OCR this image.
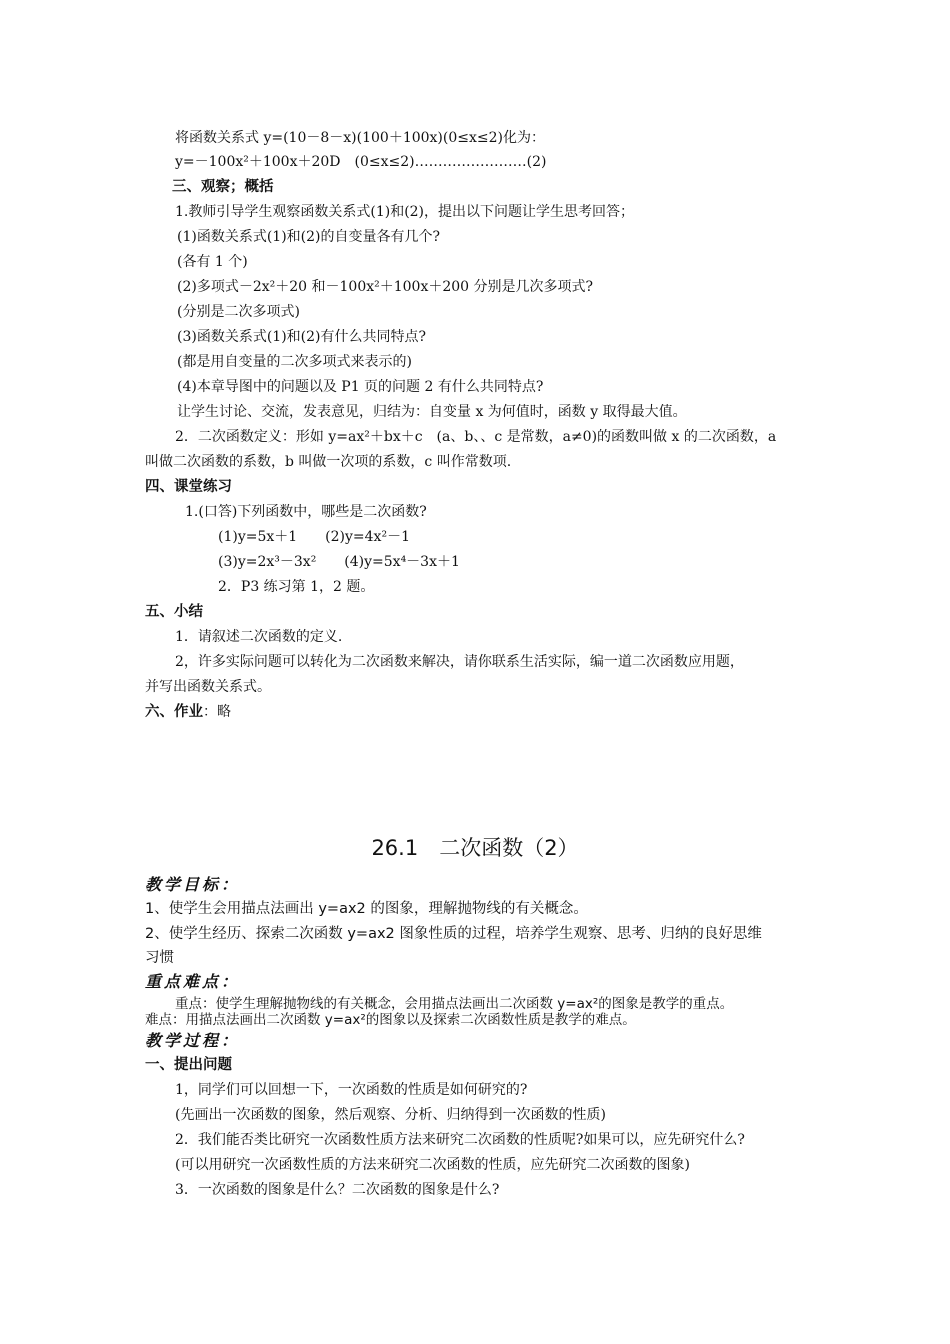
将函数关系式 y=(10－8－x)(100＋100x)(0≤x≤2)化为：
y=－100x²＋100x＋20D　(0≤x≤2)……………………(2)
三、观察；概括
1.教师引导学生观察函数关系式(1)和(2)，提出以下问题让学生思考回答；
(1)函数关系式(1)和(2)的自变量各有几个?
(各有 1 个)
(2)多项式－2x²＋20 和－100x²＋100x＋200 分别是几次多项式?
(分别是二次多项式)
(3)函数关系式(1)和(2)有什么共同特点?
(都是用自变量的二次多项式来表示的)
(4)本章导图中的问题以及 P1 页的问题 2 有什么共同特点?
让学生讨论、交流，发表意见，归结为：自变量 x 为何值时，函数 y 取得最大值。
2．二次函数定义：形如 y=ax²＋bx＋c　(a、b、、c 是常数，a≠0)的函数叫做 x 的二次函数，a
叫做二次函数的系数，b 叫做一次项的系数，c 叫作常数项.
四、课堂练习
1.(口答)下列函数中，哪些是二次函数?
(1)y=5x＋1　　(2)y=4x²－1
(3)y=2x³－3x²　　(4)y=5x⁴－3x＋1
2．P3 练习第 1，2 题。
五、小结
1．请叙述二次函数的定义.
2，许多实际问题可以转化为二次函数来解决，请你联系生活实际，编一道二次函数应用题，
并写出函数关系式。
六、作业：略
26.1　二次函数（2）
教学目标：
1、使学生会用描点法画出 y=ax2 的图象，理解抛物线的有关概念。
2、使学生经历、探索二次函数 y=ax2 图象性质的过程，培养学生观察、思考、归纳的良好思维
习惯
重点难点：
重点：使学生理解抛物线的有关概念，会用描点法画出二次函数 y=ax²的图象是教学的重点。
难点：用描点法画出二次函数 y=ax²的图象以及探索二次函数性质是教学的难点。
教学过程：
一、提出问题
1，同学们可以回想一下，一次函数的性质是如何研究的?
(先画出一次函数的图象，然后观察、分析、归纳得到一次函数的性质)
2．我们能否类比研究一次函数性质方法来研究二次函数的性质呢?如果可以，应先研究什么?
(可以用研究一次函数性质的方法来研究二次函数的性质，应先研究二次函数的图象)
3．一次函数的图象是什么？二次函数的图象是什么?
